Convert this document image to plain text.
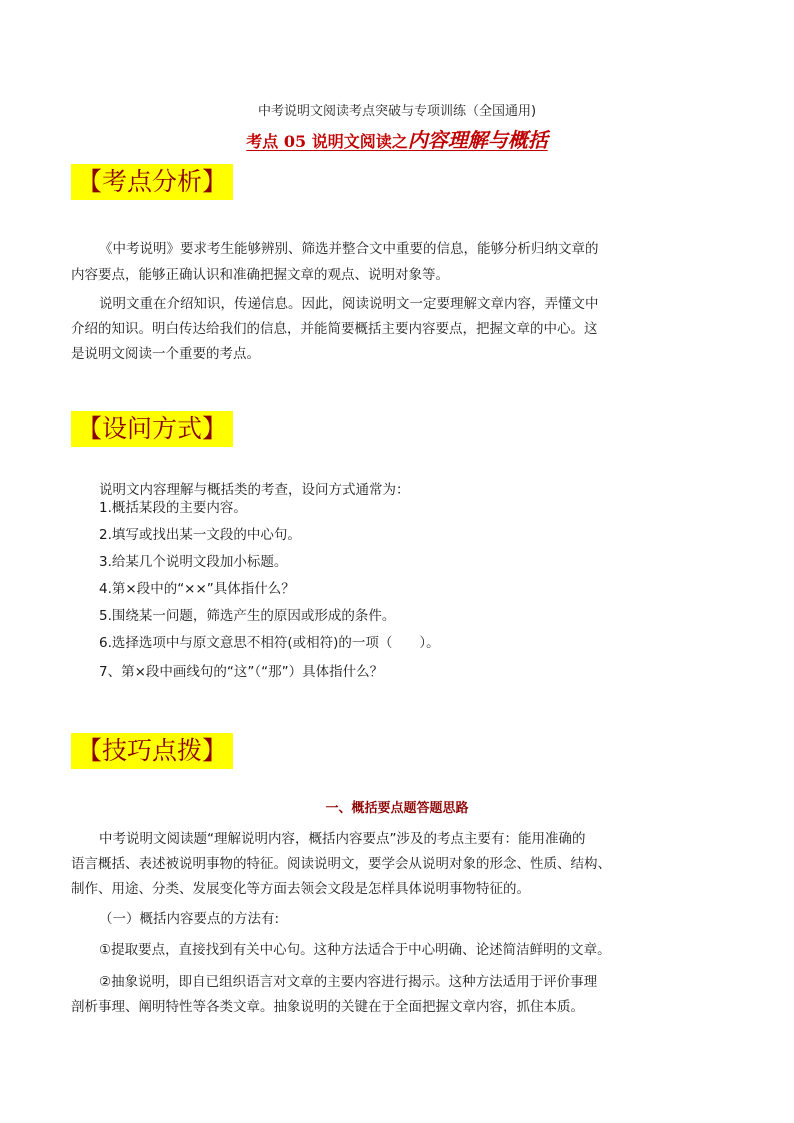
中考说明文阅读考点突破与专项训练（全国通用)
考点 05 说明文阅读之内容理解与概括
【考点分析】
《中考说明》要求考生能够辨别、筛选并整合文中重要的信息，能够分析归纳文章的
内容要点，能够正确认识和准确把握文章的观点、说明对象等。
说明文重在介绍知识，传递信息。因此，阅读说明文一定要理解文章内容，弄懂文中
介绍的知识。明白传达给我们的信息，并能简要概括主要内容要点，把握文章的中心。这
是说明文阅读一个重要的考点。
【设问方式】
说明文内容理解与概括类的考查，设问方式通常为：
1.概括某段的主要内容。
2.填写或找出某一文段的中心句。
3.给某几个说明文段加小标题。
4.第×段中的“××”具体指什么？
5.围绕某一问题，筛选产生的原因或形成的条件。
6.选择选项中与原文意思不相符(或相符)的一项（　　）。
7、第×段中画线句的“这”（“那”）具体指什么？
【技巧点拨】
一、概括要点题答题思路
中考说明文阅读题“理解说明内容，概括内容要点”涉及的考点主要有：能用准确的
语言概括、表述被说明事物的特征。阅读说明文，要学会从说明对象的形念、性质、结构、
制作、用途、分类、发展变化等方面去领会文段是怎样具体说明事物特征的。
（一）概括内容要点的方法有:
①提取要点，直接找到有关中心句。这种方法适合于中心明确、论述简洁鲜明的文章。
②抽象说明，即自已组织语言对文章的主要内容进行揭示。这种方法适用于评价事理
剖析事理、阐明特性等各类文章。抽象说明的关键在于全面把握文章内容，抓住本质。
